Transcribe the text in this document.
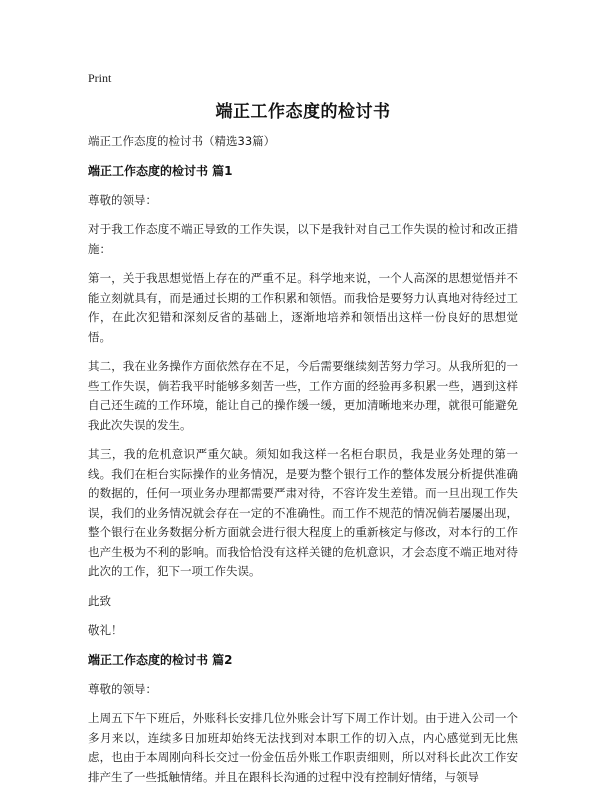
Print
端正工作态度的检讨书

端正工作态度的检讨书（精选33篇）

端正工作态度的检讨书 篇1

尊敬的领导：

对于我工作态度不端正导致的工作失误，以下是我针对自己工作失误的检讨和改正措施：

第一，关于我思想觉悟上存在的严重不足。科学地来说，一个人高深的思想觉悟并不能立刻就具有，而是通过长期的工作积累和领悟。而我恰是要努力认真地对待经过工作，在此次犯错和深刻反省的基础上，逐渐地培养和领悟出这样一份良好的思想觉悟。

其二，我在业务操作方面依然存在不足，今后需要继续刻苦努力学习。从我所犯的一些工作失误，倘若我平时能够多刻苦一些，工作方面的经验再多积累一些，遇到这样自己还生疏的工作环境，能让自己的操作缓一缓，更加清晰地来办理，就很可能避免我此次失误的发生。

其三，我的危机意识严重欠缺。须知如我这样一名柜台职员，我是业务处理的第一线。我们在柜台实际操作的业务情况，是要为整个银行工作的整体发展分析提供准确的数据的，任何一项业务办理都需要严肃对待，不容许发生差错。而一旦出现工作失误，我们的业务情况就会存在一定的不准确性。而工作不规范的情况倘若屡屡出现，整个银行在业务数据分析方面就会进行很大程度上的重新核定与修改，对本行的工作也产生极为不利的影响。而我恰恰没有这样关键的危机意识，才会态度不端正地对待此次的工作，犯下一项工作失误。

此致

敬礼！

端正工作态度的检讨书 篇2

尊敬的领导：

上周五下午下班后，外账科长安排几位外账会计写下周工作计划。由于进入公司一个多月来以，连续多日加班却始终无法找到对本职工作的切入点，内心感觉到无比焦虑，也由于本周刚向科长交过一份金伍岳外账工作职责细则，所以对科长此次工作安排产生了一些抵触情绪。并且在跟科长沟通的过程中没有控制好情绪，与领导
